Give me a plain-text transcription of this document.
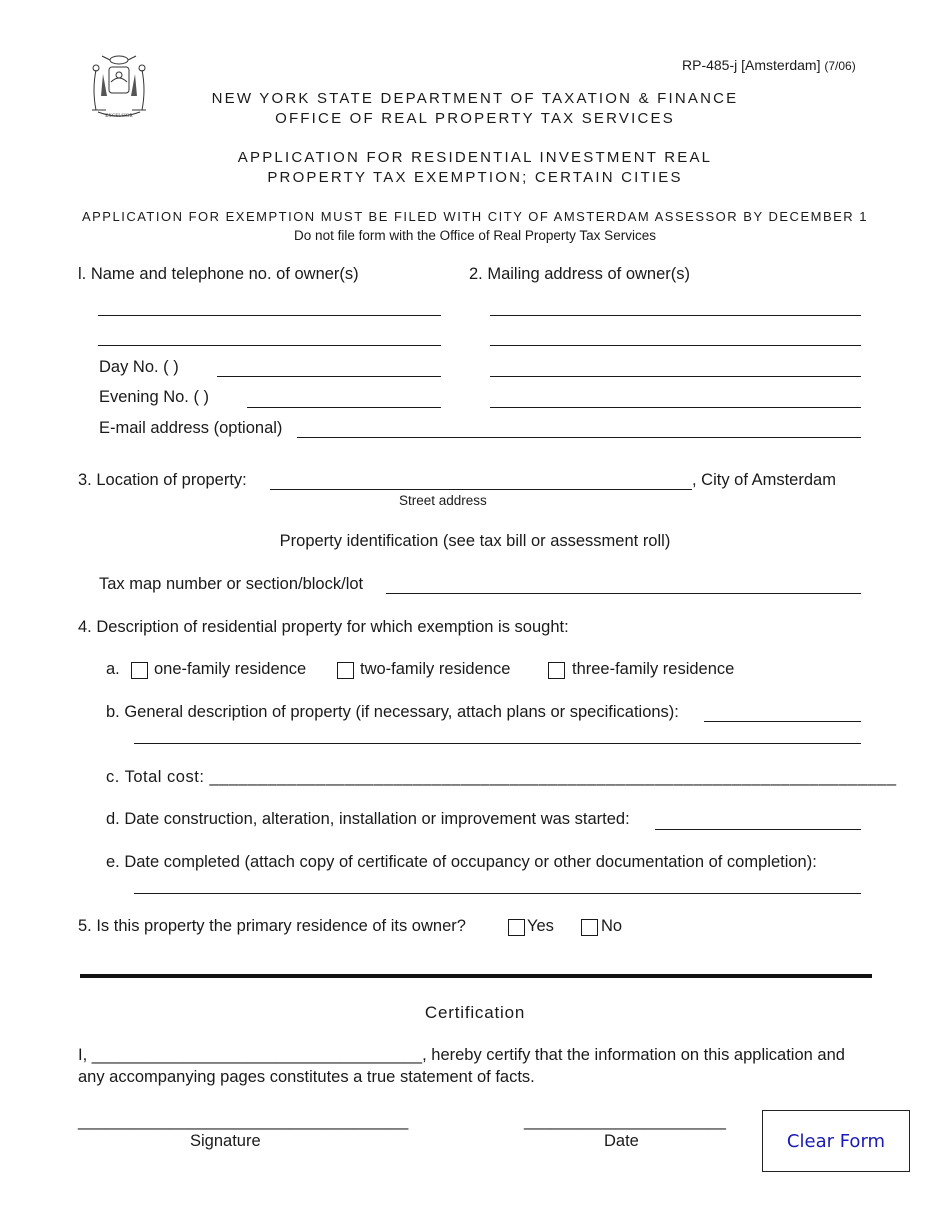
EXCELSIOR
RP-485-j [Amsterdam] (7/06)
NEW YORK STATE DEPARTMENT OF TAXATION & FINANCE
OFFICE OF REAL PROPERTY TAX SERVICES
APPLICATION FOR RESIDENTIAL INVESTMENT REAL
PROPERTY TAX EXEMPTION; CERTAIN CITIES
APPLICATION FOR EXEMPTION MUST BE FILED WITH CITY OF AMSTERDAM ASSESSOR BY DECEMBER 1
Do not file form with the Office of Real Property Tax Services
l. Name and telephone no. of owner(s)
Day No. ( )
Evening No. ( )
E-mail address (optional)
2. Mailing address of owner(s)
3. Location of property:	, City of Amsterdam
Street address
Property identification (see tax bill or assessment roll)
Tax map number or section/block/lot
4. Description of residential property for which exemption is sought:
a. one-family residence	two-family residence	three-family residence
b. General description of property (if necessary, attach plans or specifications):
c. Total cost: _______________________________________________________________________
d. Date construction, alteration, installation or improvement was started:
e. Date completed (attach copy of certificate of occupancy or other documentation of completion):
5. Is this property the primary residence of its owner?	Yes	No
Certification
I, ____________________________________, hereby certify that the information on this application and
any accompanying pages constitutes a true statement of facts.
____________________________________
Signature
______________________
Date	Clear Form
